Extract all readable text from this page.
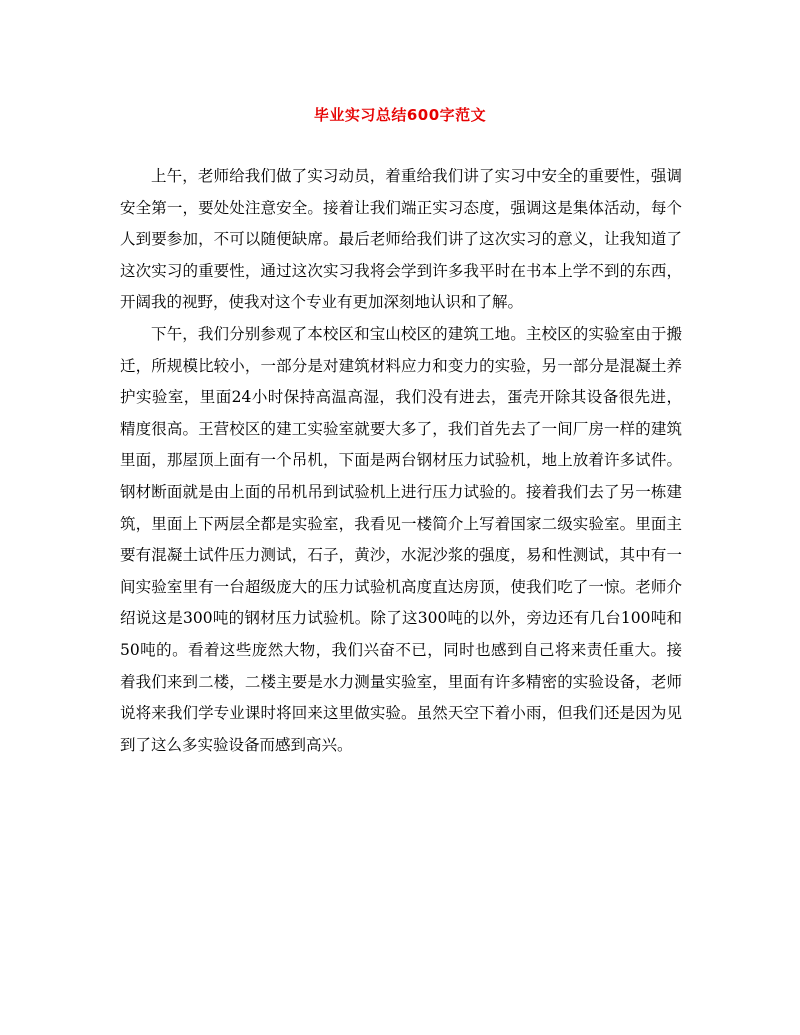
毕业实习总结600字范文

上午，老师给我们做了实习动员，着重给我们讲了实习中安全的重要性，强调安全第一，要处处注意安全。接着让我们端正实习态度，强调这是集体活动，每个人到要参加，不可以随便缺席。最后老师给我们讲了这次实习的意义，让我知道了这次实习的重要性，通过这次实习我将会学到许多我平时在书本上学不到的东西，开阔我的视野，使我对这个专业有更加深刻地认识和了解。

下午，我们分别参观了本校区和宝山校区的建筑工地。主校区的实验室由于搬迁，所规模比较小，一部分是对建筑材料应力和变力的实验，另一部分是混凝土养护实验室，里面24小时保持高温高湿，我们没有进去，蛋壳开除其设备很先进，精度很高。王营校区的建工实验室就要大多了，我们首先去了一间厂房一样的建筑里面，那屋顶上面有一个吊机，下面是两台钢材压力试验机，地上放着许多试件。钢材断面就是由上面的吊机吊到试验机上进行压力试验的。接着我们去了另一栋建筑，里面上下两层全都是实验室，我看见一楼简介上写着国家二级实验室。里面主要有混凝土试件压力测试，石子，黄沙，水泥沙浆的强度，易和性测试，其中有一间实验室里有一台超级庞大的压力试验机高度直达房顶，使我们吃了一惊。老师介绍说这是300吨的钢材压力试验机。除了这300吨的以外，旁边还有几台100吨和50吨的。看着这些庞然大物，我们兴奋不已，同时也感到自己将来责任重大。接着我们来到二楼，二楼主要是水力测量实验室，里面有许多精密的实验设备，老师说将来我们学专业课时将回来这里做实验。虽然天空下着小雨，但我们还是因为见到了这么多实验设备而感到高兴。
